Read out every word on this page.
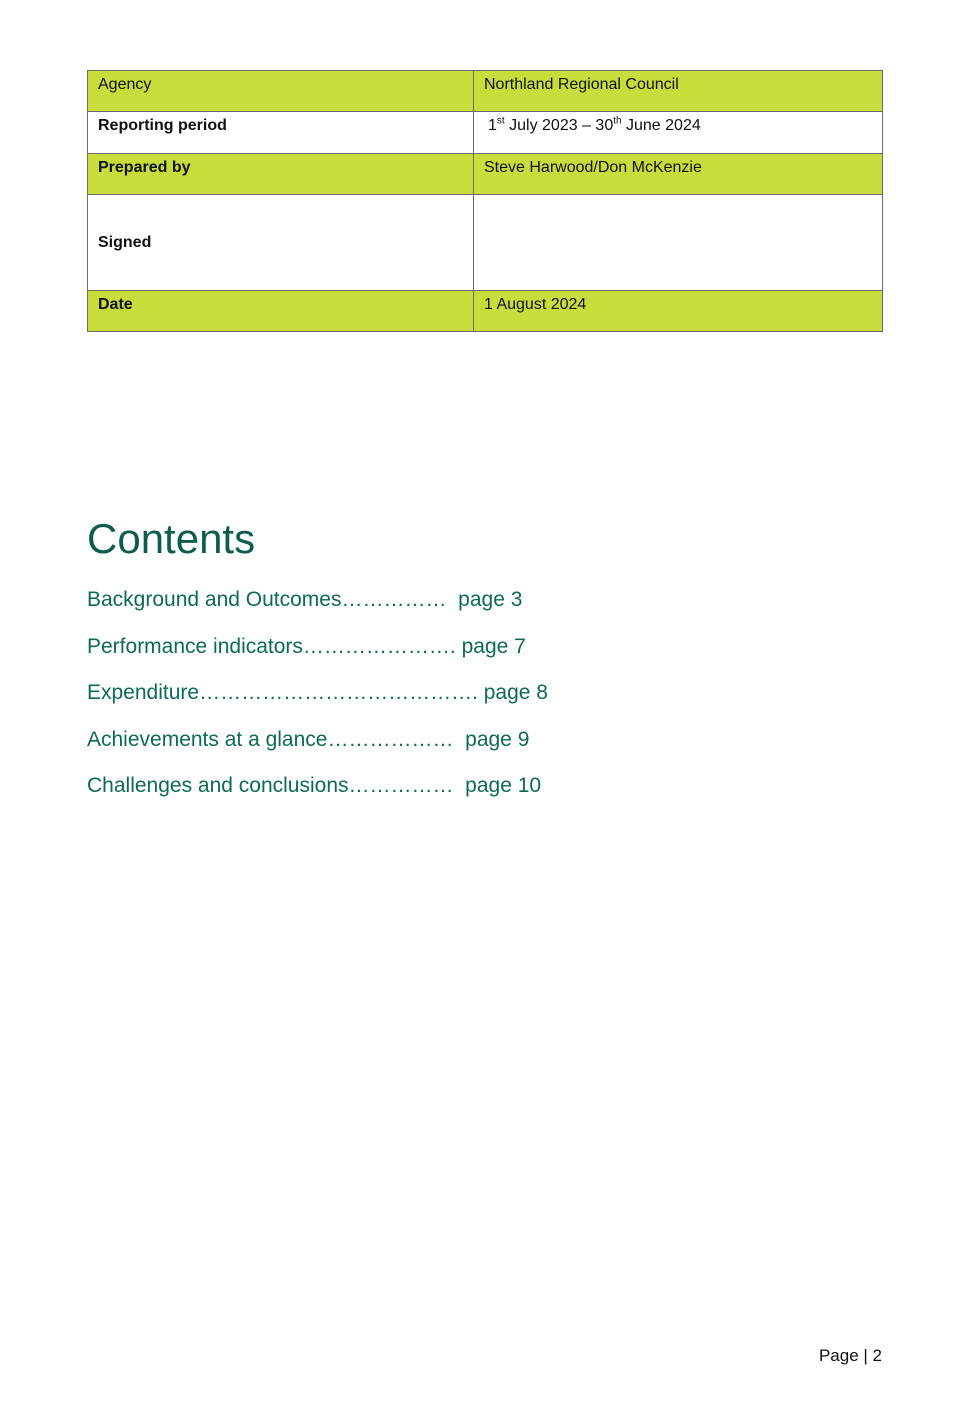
Agency	Northland Regional Council
Reporting period	1st July 2023 – 30th June 2024
Prepared by	Steve Harwood/Don McKenzie
Signed	
Date	1 August 2024
Contents
Background and Outcomes……………  page 3
Performance indicators…………………. page 7
Expenditure…………………………………. page 8
Achievements at a glance………………  page 9
Challenges and conclusions……………  page 10
Page | 2
